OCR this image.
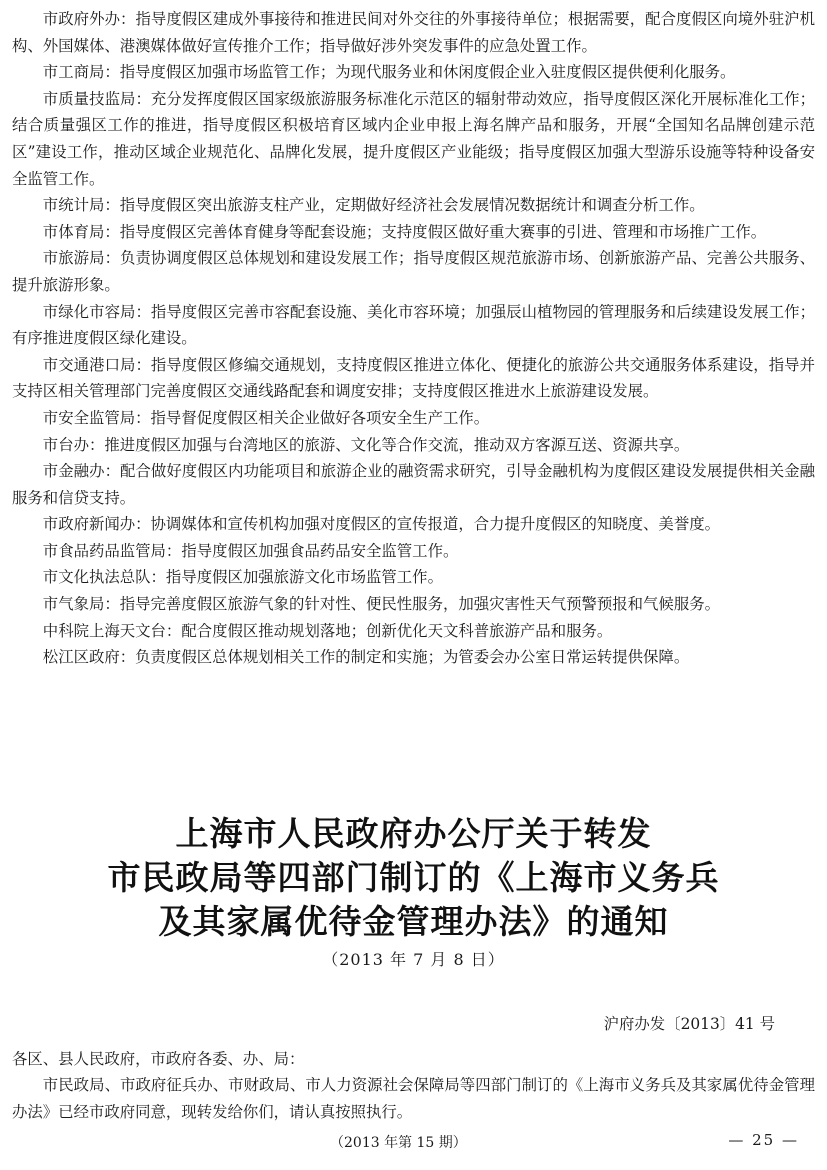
市政府外办：指导度假区建成外事接待和推进民间对外交往的外事接待单位；根据需要，配合度假区向境外驻沪机构、外国媒体、港澳媒体做好宣传推介工作；指导做好涉外突发事件的应急处置工作。

市工商局：指导度假区加强市场监管工作；为现代服务业和休闲度假企业入驻度假区提供便利化服务。

市质量技监局：充分发挥度假区国家级旅游服务标准化示范区的辐射带动效应，指导度假区深化开展标准化工作；结合质量强区工作的推进，指导度假区积极培育区域内企业申报上海名牌产品和服务，开展“全国知名品牌创建示范区”建设工作，推动区域企业规范化、品牌化发展，提升度假区产业能级；指导度假区加强大型游乐设施等特种设备安全监管工作。

市统计局：指导度假区突出旅游支柱产业，定期做好经济社会发展情况数据统计和调查分析工作。

市体育局：指导度假区完善体育健身等配套设施；支持度假区做好重大赛事的引进、管理和市场推广工作。

市旅游局：负责协调度假区总体规划和建设发展工作；指导度假区规范旅游市场、创新旅游产品、完善公共服务、提升旅游形象。

市绿化市容局：指导度假区完善市容配套设施、美化市容环境；加强辰山植物园的管理服务和后续建设发展工作；有序推进度假区绿化建设。

市交通港口局：指导度假区修编交通规划，支持度假区推进立体化、便捷化的旅游公共交通服务体系建设，指导并支持区相关管理部门完善度假区交通线路配套和调度安排；支持度假区推进水上旅游建设发展。

市安全监管局：指导督促度假区相关企业做好各项安全生产工作。

市台办：推进度假区加强与台湾地区的旅游、文化等合作交流，推动双方客源互送、资源共享。

市金融办：配合做好度假区内功能项目和旅游企业的融资需求研究，引导金融机构为度假区建设发展提供相关金融服务和信贷支持。

市政府新闻办：协调媒体和宣传机构加强对度假区的宣传报道，合力提升度假区的知晓度、美誉度。

市食品药品监管局：指导度假区加强食品药品安全监管工作。

市文化执法总队：指导度假区加强旅游文化市场监管工作。

市气象局：指导完善度假区旅游气象的针对性、便民性服务，加强灾害性天气预警预报和气候服务。

中科院上海天文台：配合度假区推动规划落地；创新优化天文科普旅游产品和服务。

松江区政府：负责度假区总体规划相关工作的制定和实施；为管委会办公室日常运转提供保障。

上海市人民政府办公厅关于转发
市民政局等四部门制订的《上海市义务兵
及其家属优待金管理办法》的通知
（2013 年 7 月 8 日）
沪府办发〔2013〕41 号
各区、县人民政府，市政府各委、办、局：

市民政局、市政府征兵办、市财政局、市人力资源社会保障局等四部门制订的《上海市义务兵及其家属优待金管理办法》已经市政府同意，现转发给你们，请认真按照执行。

（2013 年第 15 期）	— 25 —
